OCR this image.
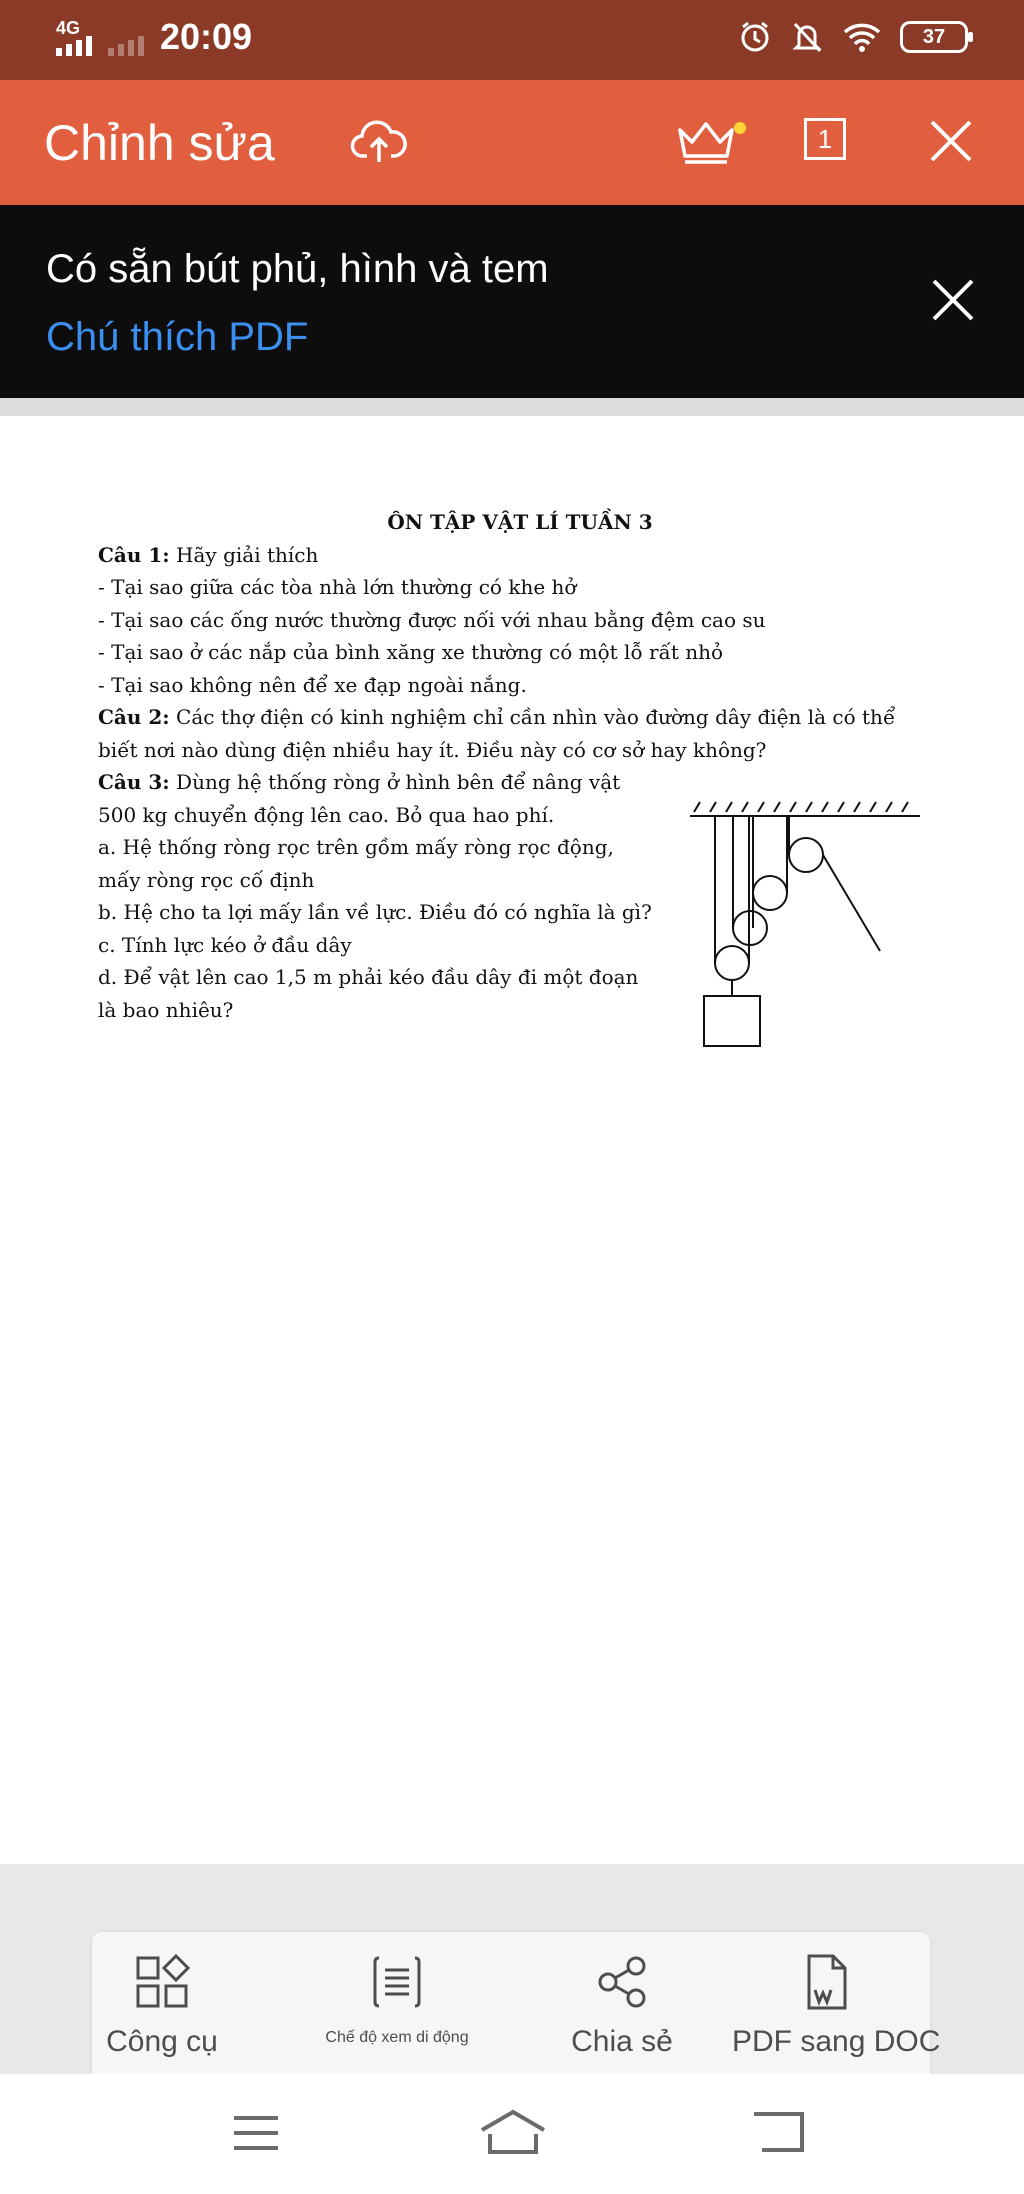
4G 20:09	37
Chỉnh sửa	1
Có sẵn bút phủ, hình và tem
Chú thích PDF

ÔN TẬP VẬT LÍ TUẦN 3

Câu 1: Hãy giải thích

- Tại sao giữa các tòa nhà lớn thường có khe hở

- Tại sao các ống nước thường được nối với nhau bằng đệm cao su

- Tại sao ở các nắp của bình xăng xe thường có một lỗ rất nhỏ

- Tại sao không nên để xe đạp ngoài nắng.

Câu 2: Các thợ điện có kinh nghiệm chỉ cần nhìn vào đường dây điện là có thể

biết nơi nào dùng điện nhiều hay ít. Điều này có cơ sở hay không?

Câu 3: Dùng hệ thống ròng ở hình bên để nâng vật

500 kg chuyển động lên cao. Bỏ qua hao phí.

a. Hệ thống ròng rọc trên gồm mấy ròng rọc động,

mấy ròng rọc cố định

b. Hệ cho ta lợi mấy lần về lực. Điều đó có nghĩa là gì?

c. Tính lực kéo ở đầu dây

d. Để vật lên cao 1,5 m phải kéo đầu dây đi một đoạn

là bao nhiêu?

Công cụ	Chế độ xem di động	Chia sẻ	PDF sang DOC
